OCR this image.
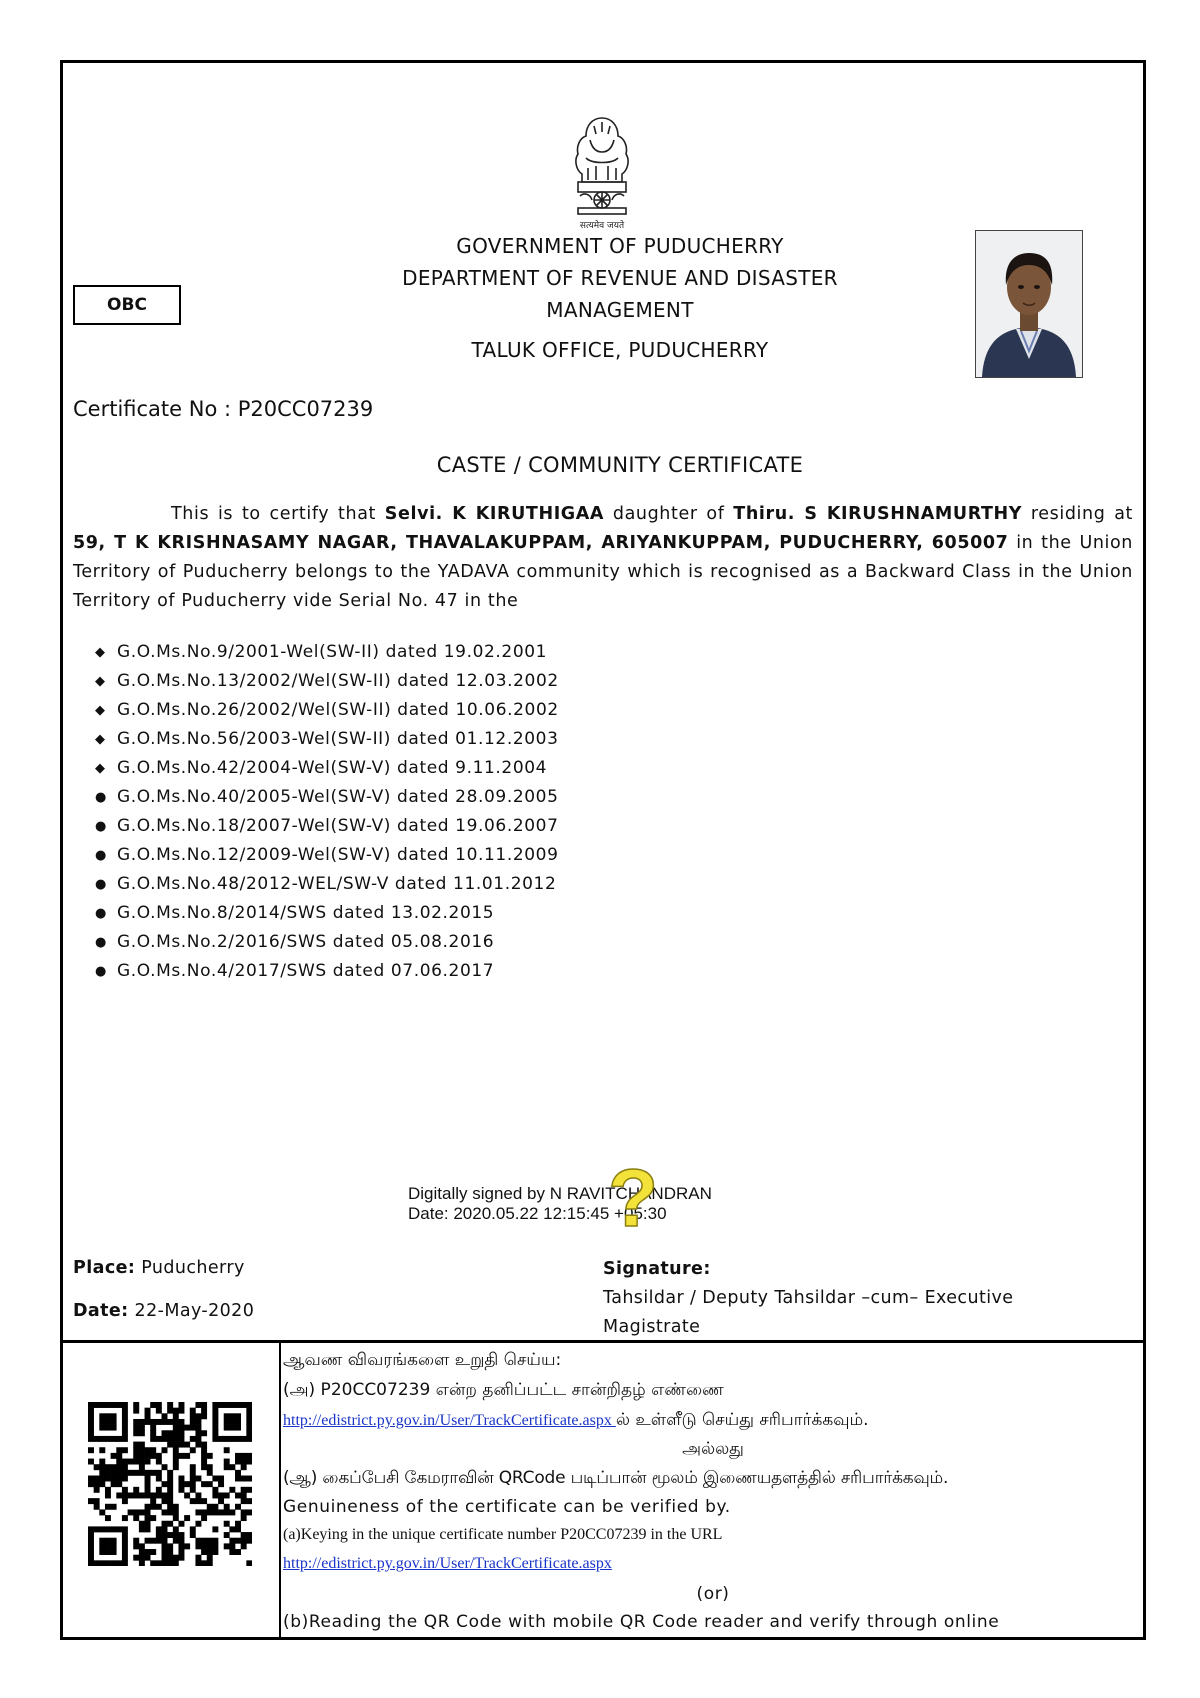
सत्यमेव जयते
GOVERNMENT OF PUDUCHERRY
DEPARTMENT OF REVENUE AND DISASTER
MANAGEMENT
TALUK OFFICE, PUDUCHERRY
OBC
Certificate No : P20CC07239
CASTE / COMMUNITY CERTIFICATE
This is to certify that Selvi. K KIRUTHIGAA daughter of Thiru. S KIRUSHNAMURTHY residing at 59, T K KRISHNASAMY NAGAR, THAVALAKUPPAM, ARIYANKUPPAM, PUDUCHERRY, 605007 in the Union Territory of Puducherry belongs to the YADAVA community which is recognised as a Backward Class in the Union Territory of Puducherry vide Serial No. 47 in the
◆ G.O.Ms.No.9/2001-Wel(SW-II) dated 19.02.2001
◆ G.O.Ms.No.13/2002/Wel(SW-II) dated 12.03.2002
◆ G.O.Ms.No.26/2002/Wel(SW-II) dated 10.06.2002
◆ G.O.Ms.No.56/2003-Wel(SW-II) dated 01.12.2003
◆ G.O.Ms.No.42/2004-Wel(SW-V) dated 9.11.2004
● G.O.Ms.No.40/2005-Wel(SW-V) dated 28.09.2005
● G.O.Ms.No.18/2007-Wel(SW-V) dated 19.06.2007
● G.O.Ms.No.12/2009-Wel(SW-V) dated 10.11.2009
● G.O.Ms.No.48/2012-WEL/SW-V dated 11.01.2012
● G.O.Ms.No.8/2014/SWS dated 13.02.2015
● G.O.Ms.No.2/2016/SWS dated 05.08.2016
● G.O.Ms.No.4/2017/SWS dated 07.06.2017
Digitally signed by N RAVITCHANDRAN
Date: 2020.05.22 12:15:45 +05:30
?
Place: Puducherry
Date: 22-May-2020
Signature:
Tahsildar / Deputy Tahsildar –cum– Executive
Magistrate
ஆவண விவரங்களை உறுதி செய்ய:
(அ) P20CC07239 என்ற தனிப்பட்ட சான்றிதழ் எண்ணை
http://edistrict.py.gov.in/User/TrackCertificate.aspx ல் உள்ளீடு செய்து சரிபார்க்கவும்.
அல்லது
(ஆ) கைப்பேசி கேமராவின் QRCode படிப்பான் மூலம் இணையதளத்தில் சரிபார்க்கவும்.
Genuineness of the certificate can be verified by.
(a)Keying in the unique certificate number P20CC07239 in the URL
http://edistrict.py.gov.in/User/TrackCertificate.aspx
(or)
(b)Reading the QR Code with mobile QR Code reader and verify through online
